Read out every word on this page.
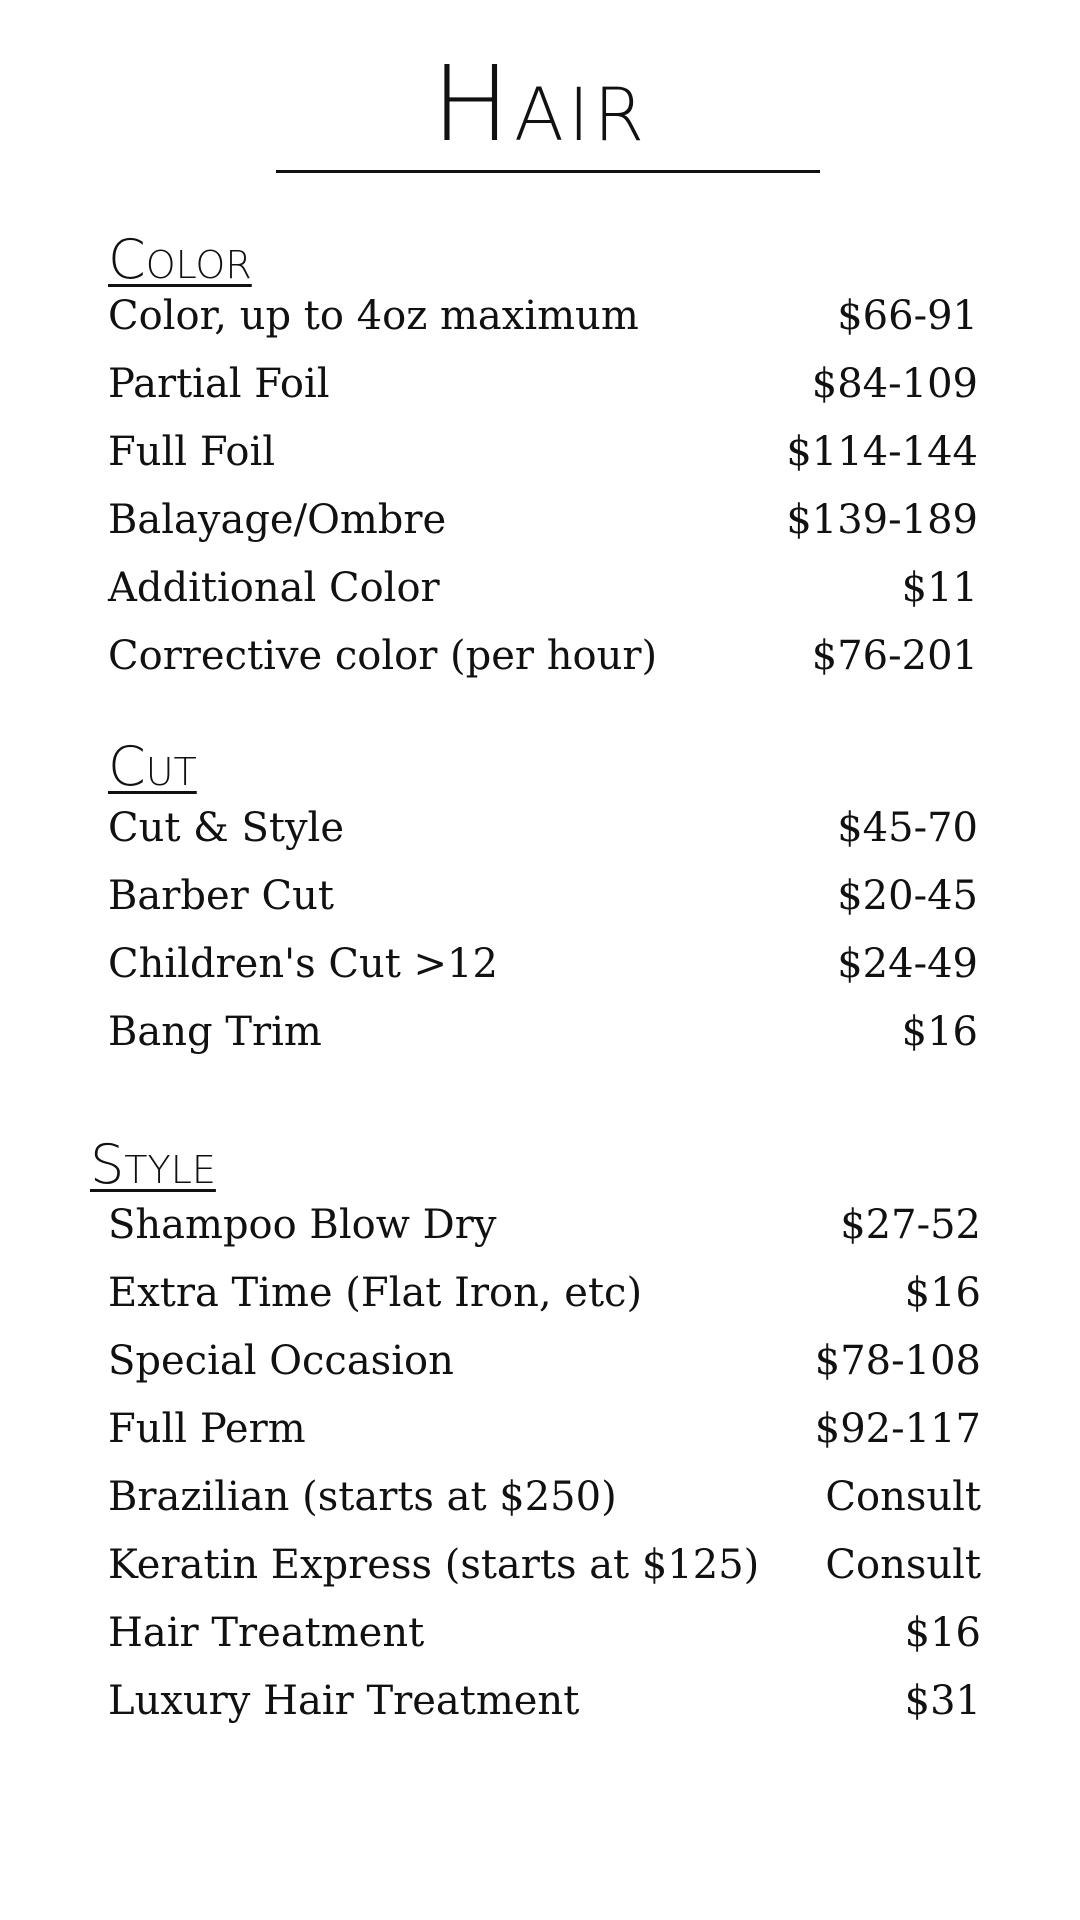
Hair
Color
Color, up to 4oz maximum	$66-91
Partial Foil	$84-109
Full Foil	$114-144
Balayage/Ombre	$139-189
Additional Color	$11
Corrective color (per hour)	$76-201
Cut
Cut & Style	$45-70
Barber Cut	$20-45
Children's Cut >12	$24-49
Bang Trim	$16
Style
Shampoo Blow Dry	$27-52
Extra Time (Flat Iron, etc)	$16
Special Occasion	$78-108
Full Perm	$92-117
Brazilian (starts at $250)	Consult
Keratin Express (starts at $125) Consult
Hair Treatment	$16
Luxury Hair Treatment	$31
